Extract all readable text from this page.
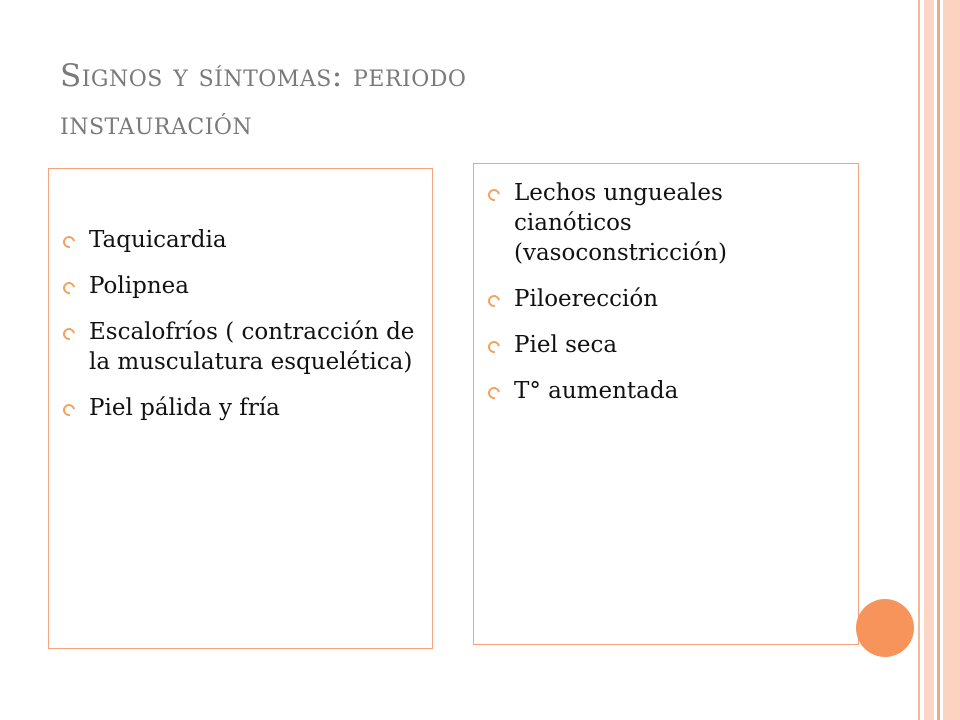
Signos y síntomas: periodo
instauración
Taquicardia
Polipnea
Escalofríos ( contracción de la musculatura esquelética)
Piel pálida y fría
Lechos ungueales cianóticos (vasoconstricción)
Piloerección
Piel seca
T° aumentada
